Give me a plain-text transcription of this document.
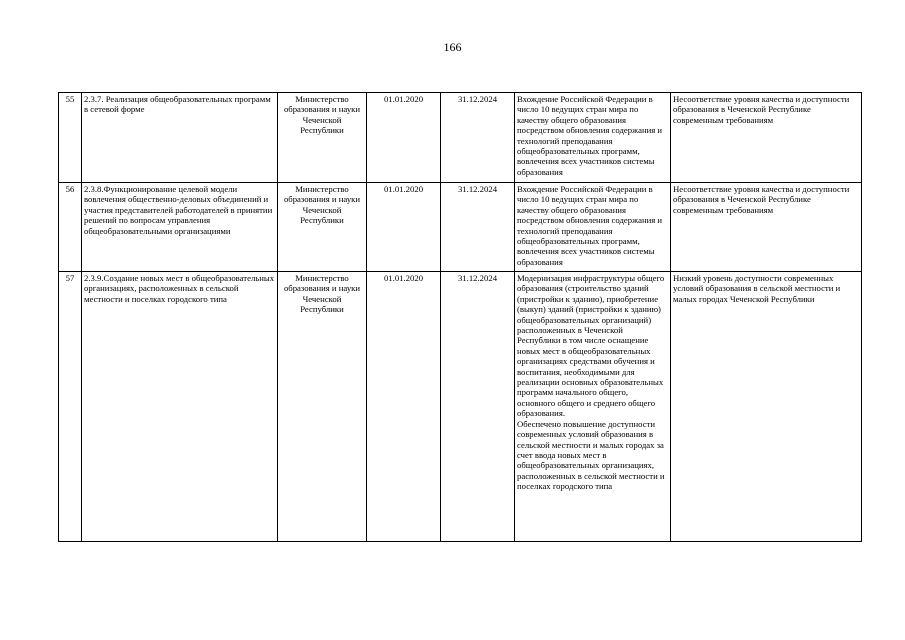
166
55	2.3.7. Реализация общеобразовательных программ в сетевой форме	Министерство образования и науки Чеченской Республики	01.01.2020	31.12.2024	Вхождение Российской Федерации в число 10 ведущих стран мира по качеству общего образования посредством обновления содержания и технологий преподавания общеобразовательных программ, вовлечения всех участников системы образования	Несоответствие уровня качества и доступности образования в Чеченской Республике современным требованиям
56	2.3.8.Функционирование целевой модели вовлечения общественно-деловых объединений и участия представителей работодателей в принятии решений по вопросам управления общеобразовательными организациями	Министерство образования и науки Чеченской Республики	01.01.2020	31.12.2024	Вхождение Российской Федерации в число 10 ведущих стран мира по качеству общего образования посредством обновления содержания и технологий преподавания общеобразовательных программ, вовлечения всех участников системы образования	Несоответствие уровня качества и доступности образования в Чеченской Республике современным требованиям
57	2.3.9.Создание новых мест в общеобразовательных организациях, расположенных в сельской местности и поселках городского типа	Министерство образования и науки Чеченской Республики	01.01.2020	31.12.2024	Модернизация инфраструктуры общего образования (строительство зданий (пристройки к зданию), приобретение (выкуп) зданий (пристройки к зданию) общеобразовательных организаций) расположенных в Чеченской Республики в том числе оснащение новых мест в общеобразовательных организациях средствами обучения и воспитания, необходимыми для реализации основных образовательных программ начального общего, основного общего и среднего общего образования.
Обеспечено повышение доступности современных условий образования в сельской местности и малых городах за счет ввода новых мест в общеобразовательных организациях, расположенных в сельской местности и поселках городского типа	Низкий уровень доступности современных условий образования в сельской местности и малых городах Чеченской Республики
